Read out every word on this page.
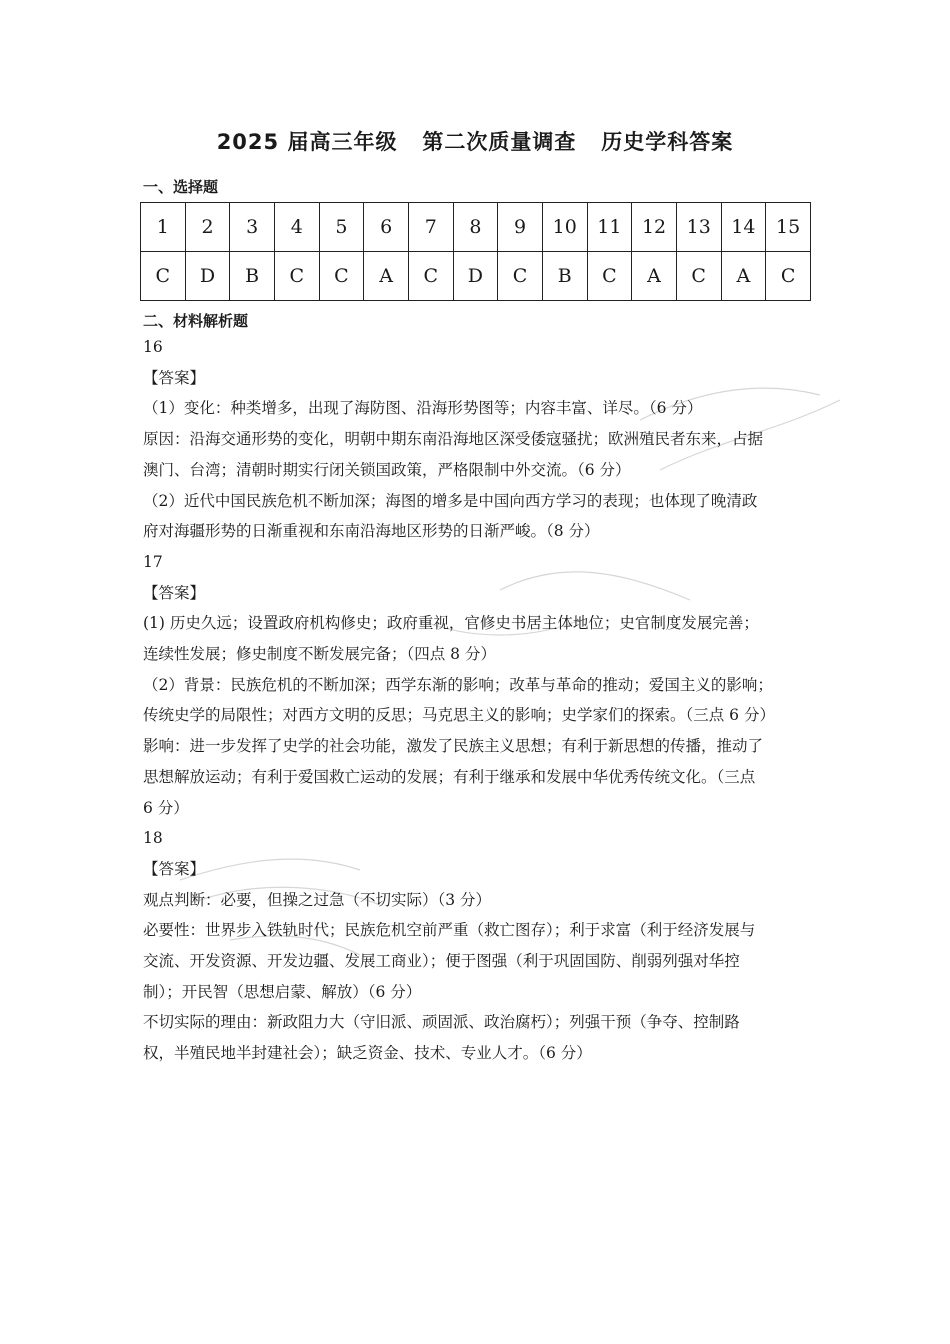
2025 届高三年级   第二次质量调查   历史学科答案
一、选择题
1	2	3	4	5	6	7	8	9	10	11	12	13	14	15
C	D	B	C	C	A	C	D	C	B	C	A	C	A	C
二、材料解析题

16

【答案】

（1）变化：种类增多，出现了海防图、沿海形势图等；内容丰富、详尽。（6 分）

原因：沿海交通形势的变化，明朝中期东南沿海地区深受倭寇骚扰；欧洲殖民者东来，占据

澳门、台湾；清朝时期实行闭关锁国政策，严格限制中外交流。（6 分）

（2）近代中国民族危机不断加深；海图的增多是中国向西方学习的表现；也体现了晚清政

府对海疆形势的日渐重视和东南沿海地区形势的日渐严峻。（8 分）

17

【答案】

(1) 历史久远；设置政府机构修史；政府重视，官修史书居主体地位；史官制度发展完善；

连续性发展；修史制度不断发展完备；（四点 8 分）

（2）背景：民族危机的不断加深；西学东渐的影响；改革与革命的推动；爱国主义的影响；

传统史学的局限性；对西方文明的反思；马克思主义的影响；史学家们的探索。（三点 6 分）

影响：进一步发挥了史学的社会功能，激发了民族主义思想；有利于新思想的传播，推动了

思想解放运动；有利于爱国救亡运动的发展；有利于继承和发展中华优秀传统文化。（三点

6 分）

18

【答案】

观点判断：必要，但操之过急（不切实际）（3 分）

必要性：世界步入铁轨时代；民族危机空前严重（救亡图存）；利于求富（利于经济发展与

交流、开发资源、开发边疆、发展工商业）；便于图强（利于巩固国防、削弱列强对华控

制）；开民智（思想启蒙、解放）（6 分）

不切实际的理由：新政阻力大（守旧派、顽固派、政治腐朽）；列强干预（争夺、控制路

权，半殖民地半封建社会）；缺乏资金、技术、专业人才。（6 分）
